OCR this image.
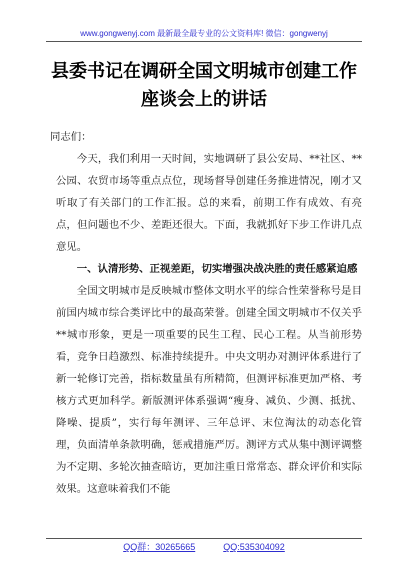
www.gongwenyj.com 最新最全最专业的公文资料库! 微信：gongwenyj
县委书记在调研全国文明城市创建工作座谈会上的讲话

同志们：

今天，我们利用一天时间，实地调研了县公安局、**社区、**公园、农贸市场等重点点位，现场督导创建任务推进情况，刚才又听取了有关部门的工作汇报。总的来看，前期工作有成效、有亮点，但问题也不少、差距还很大。下面，我就抓好下步工作讲几点意见。

一、认清形势、正视差距，切实增强决战决胜的责任感紧迫感

全国文明城市是反映城市整体文明水平的综合性荣誉称号是目前国内城市综合类评比中的最高荣誉。创建全国文明城市不仅关乎**城市形象，更是一项重要的民生工程、民心工程。从当前形势看，竞争日趋激烈、标准持续提升。中央文明办对测评体系进行了新一轮修订完善，指标数量虽有所精简，但测评标准更加严格、考核方式更加科学。新版测评体系强调“瘦身、减负、少测、抵扰、降噪、提质”，实行每年测评、三年总评、末位淘汰的动态化管理，负面清单条款明确，惩戒措施严厉。测评方式从集中测评调整为不定期、多轮次抽查暗访，更加注重日常常态、群众评价和实际效果。这意味着我们不能

QQ群：30265665	QQ:535304092
